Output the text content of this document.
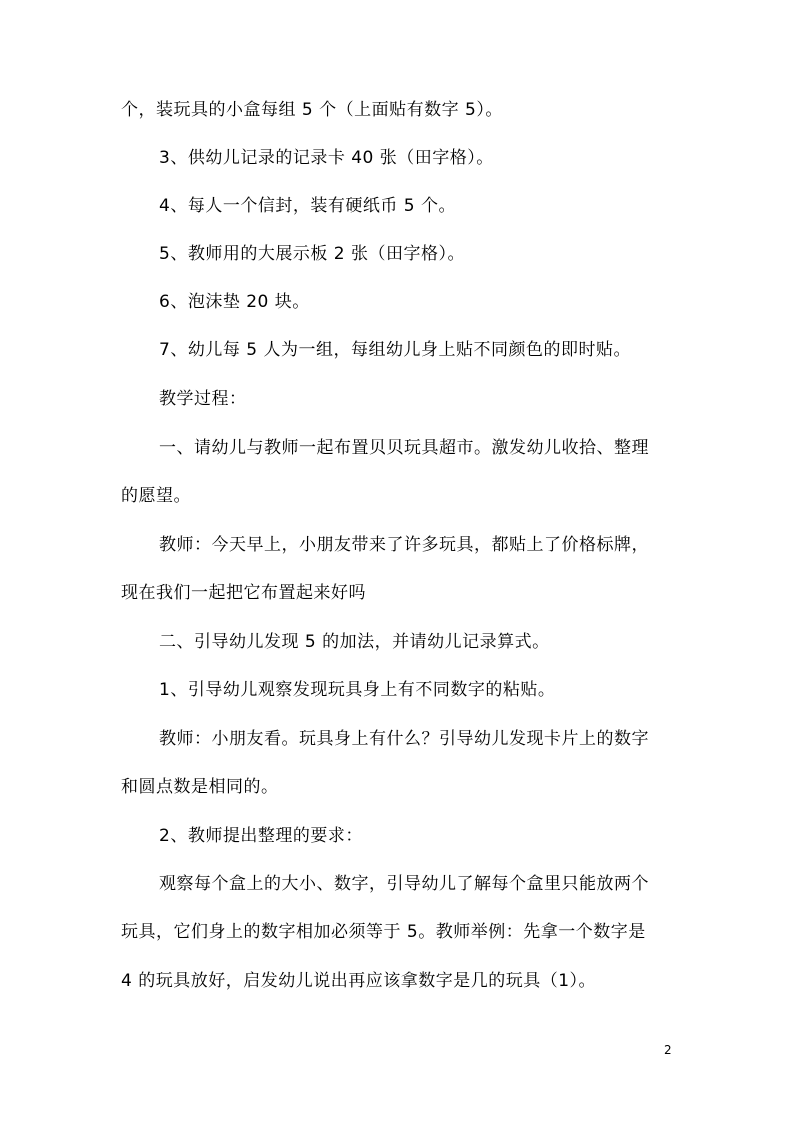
个，装玩具的小盒每组 5 个（上面贴有数字 5）。
3、供幼儿记录的记录卡 40 张（田字格）。
4、每人一个信封，装有硬纸币 5 个。
5、教师用的大展示板 2 张（田字格）。
6、泡沫垫 20 块。
7、幼儿每 5 人为一组，每组幼儿身上贴不同颜色的即时贴。
教学过程：
一、请幼儿与教师一起布置贝贝玩具超市。激发幼儿收拾、整理
的愿望。
教师：今天早上，小朋友带来了许多玩具，都贴上了价格标牌，
现在我们一起把它布置起来好吗
二、引导幼儿发现 5 的加法，并请幼儿记录算式。
1、引导幼儿观察发现玩具身上有不同数字的粘贴。
教师：小朋友看。玩具身上有什么？引导幼儿发现卡片上的数字
和圆点数是相同的。
2、教师提出整理的要求：
观察每个盒上的大小、数字，引导幼儿了解每个盒里只能放两个
玩具，它们身上的数字相加必须等于 5。教师举例：先拿一个数字是
4 的玩具放好，启发幼儿说出再应该拿数字是几的玩具（1）。
2
